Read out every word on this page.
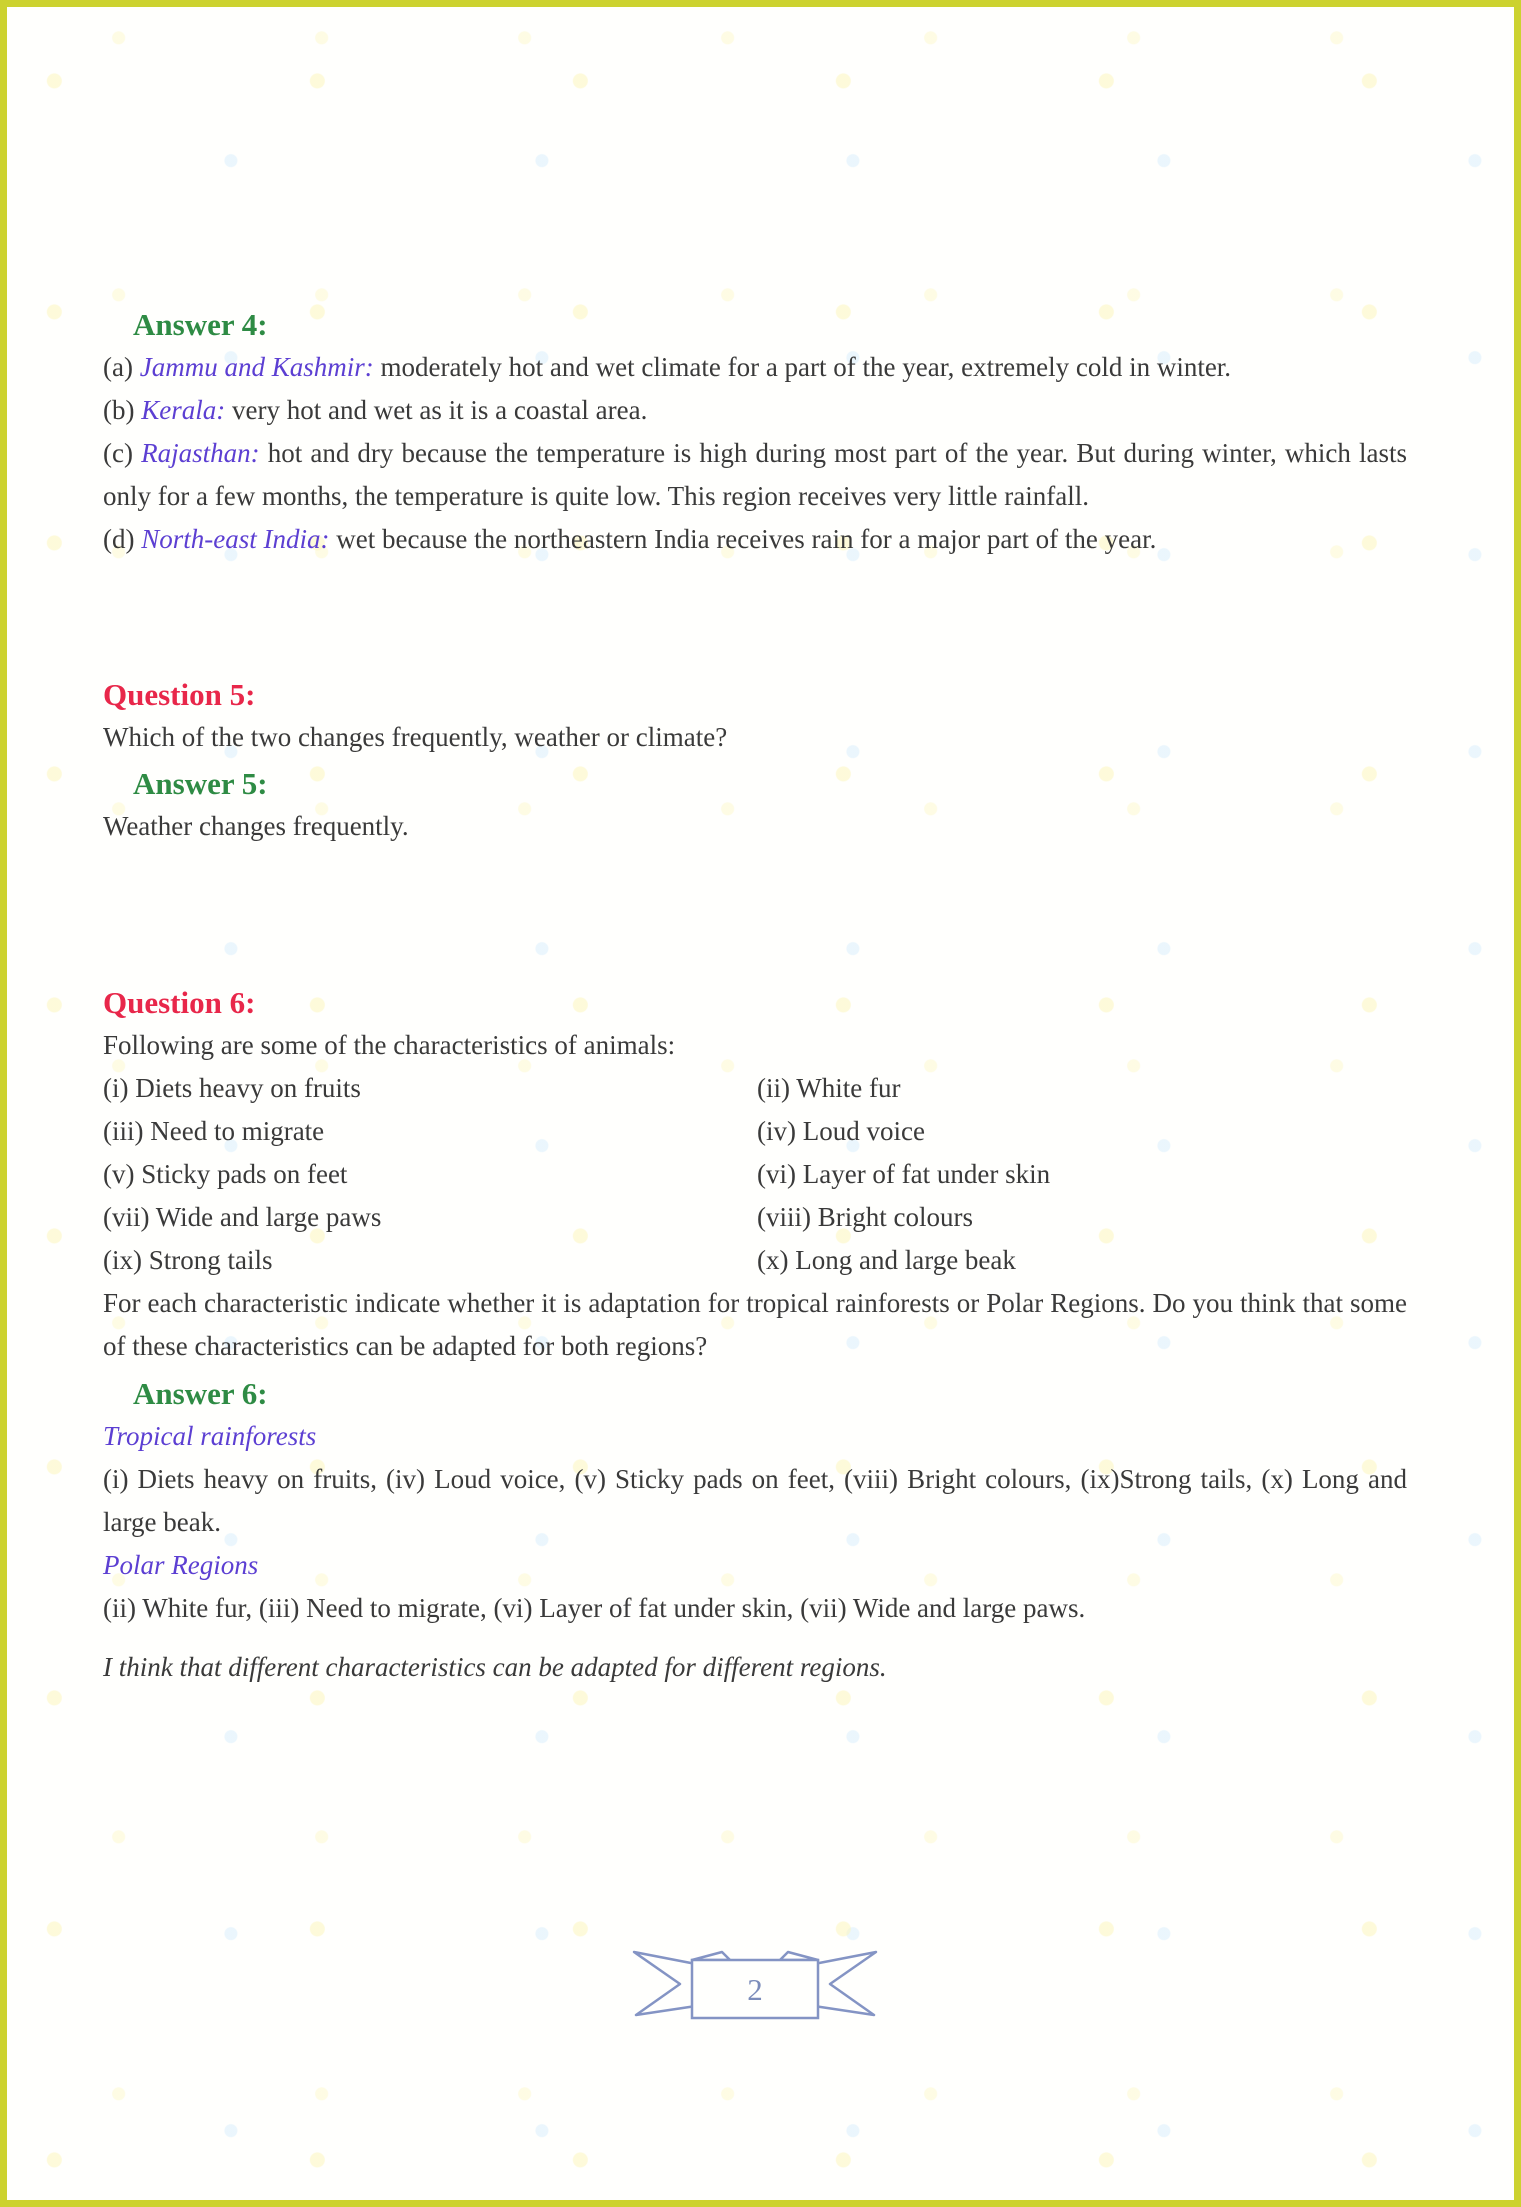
Answer 4:

(a) Jammu and Kashmir: moderately hot and wet climate for a part of the year, extremely cold in winter.

(b) Kerala: very hot and wet as it is a coastal area.

(c) Rajasthan: hot and dry because the temperature is high during most part of the year. But during winter, which lasts only for a few months, the temperature is quite low. This region receives very little rainfall.

(d) North-east India: wet because the northeastern India receives rain for a major part of the year.

Question 5:

Which of the two changes frequently, weather or climate?

Answer 5:

Weather changes frequently.

Question 6:

Following are some of the characteristics of animals:

(i) Diets heavy on fruits	(ii) White fur
(iii) Need to migrate	(iv) Loud voice
(v) Sticky pads on feet	(vi) Layer of fat under skin
(vii) Wide and large paws	(viii) Bright colours
(ix) Strong tails	(x) Long and large beak

For each characteristic indicate whether it is adaptation for tropical rainforests or Polar Regions. Do you think that some of these characteristics can be adapted for both regions?

Answer 6:

Tropical rainforests

(i) Diets heavy on fruits, (iv) Loud voice, (v) Sticky pads on feet, (viii) Bright colours, (ix)Strong tails, (x) Long and large beak.

Polar Regions

(ii) White fur, (iii) Need to migrate, (vi) Layer of fat under skin, (vii) Wide and large paws.

I think that different characteristics can be adapted for different regions.

2
